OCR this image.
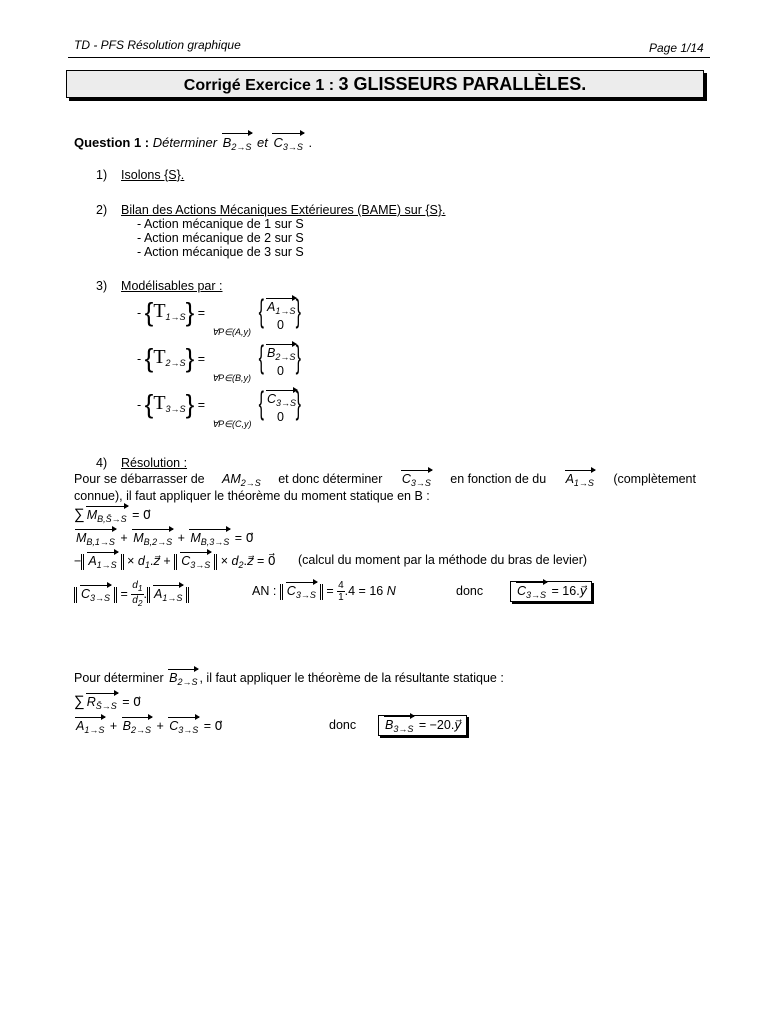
TD - PFS Résolution graphique	Page 1/14
Corrigé Exercice 1 : 3 GLISSEURS PARALLÈLES.
Question 1 : Déterminer $B_{2\to S}$ et $C_{3\to S}$ .
1) Isolons {S}.
2) Bilan des Actions Mécaniques Extérieures (BAME) sur {S}.
- Action mécanique de 1 sur S
- Action mécanique de 2 sur S
- Action mécanique de 3 sur S
3) Modélisables par :
- $\{T_{1\to S}\}$ =
∀P∈(A,y)
{ }
$A_{1\to S}$
0
- $\{T_{2\to S}\}$ =
∀P∈(B,y)
{ }
$B_{2\to S}$
0
- $\{T_{3\to S}\}$ =
∀P∈(C,y)
{ }
$C_{3\to S}$
0
4) Résolution :
Pour se débarrasser de $AM_{2\to S}$ et donc déterminer $C_{3\to S}$ en fonction de du $A_{1\to S}$ (complètement
connue), il faut appliquer le théorème du moment statique en B :
∑ $M_{B,S̄\to S}$ = 0⃗
$M_{B,1\to S} + M_{B,2\to S} + M_{B,3\to S}$ = 0⃗
− $A_{1\to S}$ × $d_1.z⃗ + C_{3\to S}$ × $d_2.z⃗$ = 0⃗ (calcul du moment par la méthode du bras de levier)
$C_{3\to S} = \frac{d_1}{d_2}$ . $A_{1\to S}$	AN : $C_{3\to S} = \frac{4}{1} .4 = 16$ N	donc	$C_{3\to S}$ = 16.y⃗
Pour déterminer $B_{2\to S}$ , il faut appliquer le théorème de la résultante statique :
∑ $R_{S̄\to S}$ = 0⃗
$A_{1\to S} + B_{2\to S} + C_{3\to S}$ = 0⃗	donc	$B_{3\to S}$ = −20.y⃗
